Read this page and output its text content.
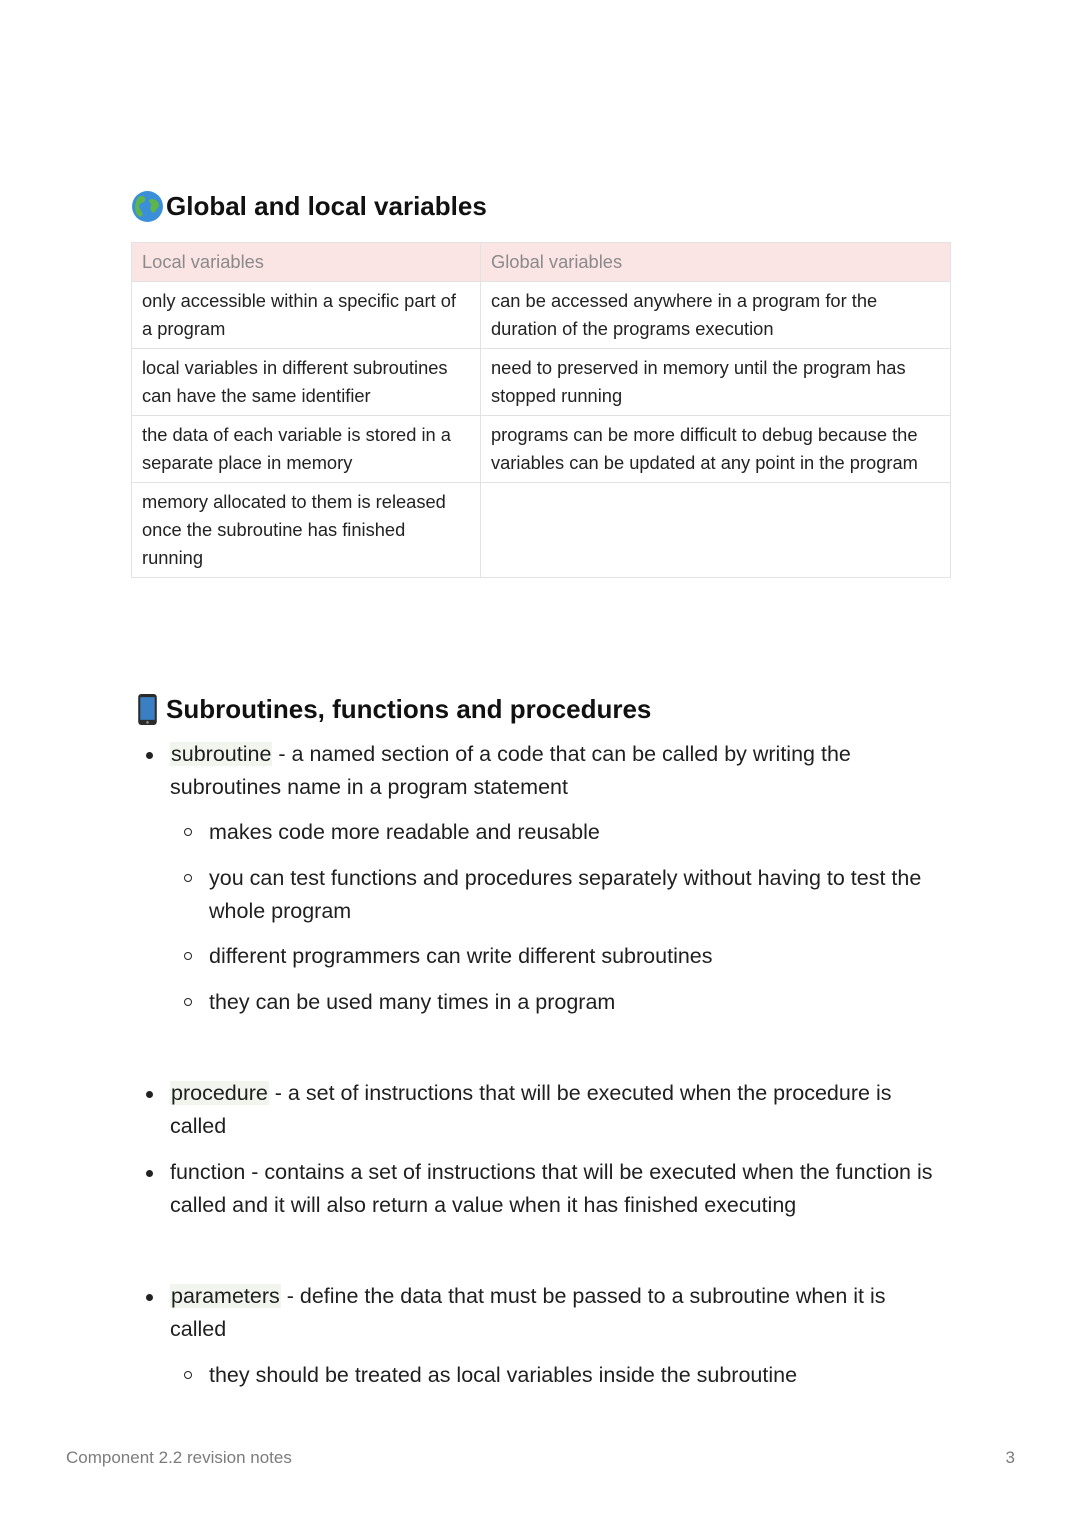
Global and local variables
Local variables	Global variables
only accessible within a specific part of a program	can be accessed anywhere in a program for the duration of the programs execution
local variables in different subroutines can have the same identifier	need to preserved in memory until the program has stopped running
the data of each variable is stored in a separate place in memory	programs can be more difficult to debug because the variables can be updated at any point in the program
memory allocated to them is released once the subroutine has finished running	
Subroutines, functions and procedures
subroutine - a named section of a code that can be called by writing the
subroutines name in a program statement
makes code more readable and reusable
you can test functions and procedures separately without having to test the
whole program
different programmers can write different subroutines
they can be used many times in a program
procedure - a set of instructions that will be executed when the procedure is
called
function - contains a set of instructions that will be executed when the function is
called and it will also return a value when it has finished executing
parameters - define the data that must be passed to a subroutine when it is
called
they should be treated as local variables inside the subroutine
Component 2.2 revision notes	3
